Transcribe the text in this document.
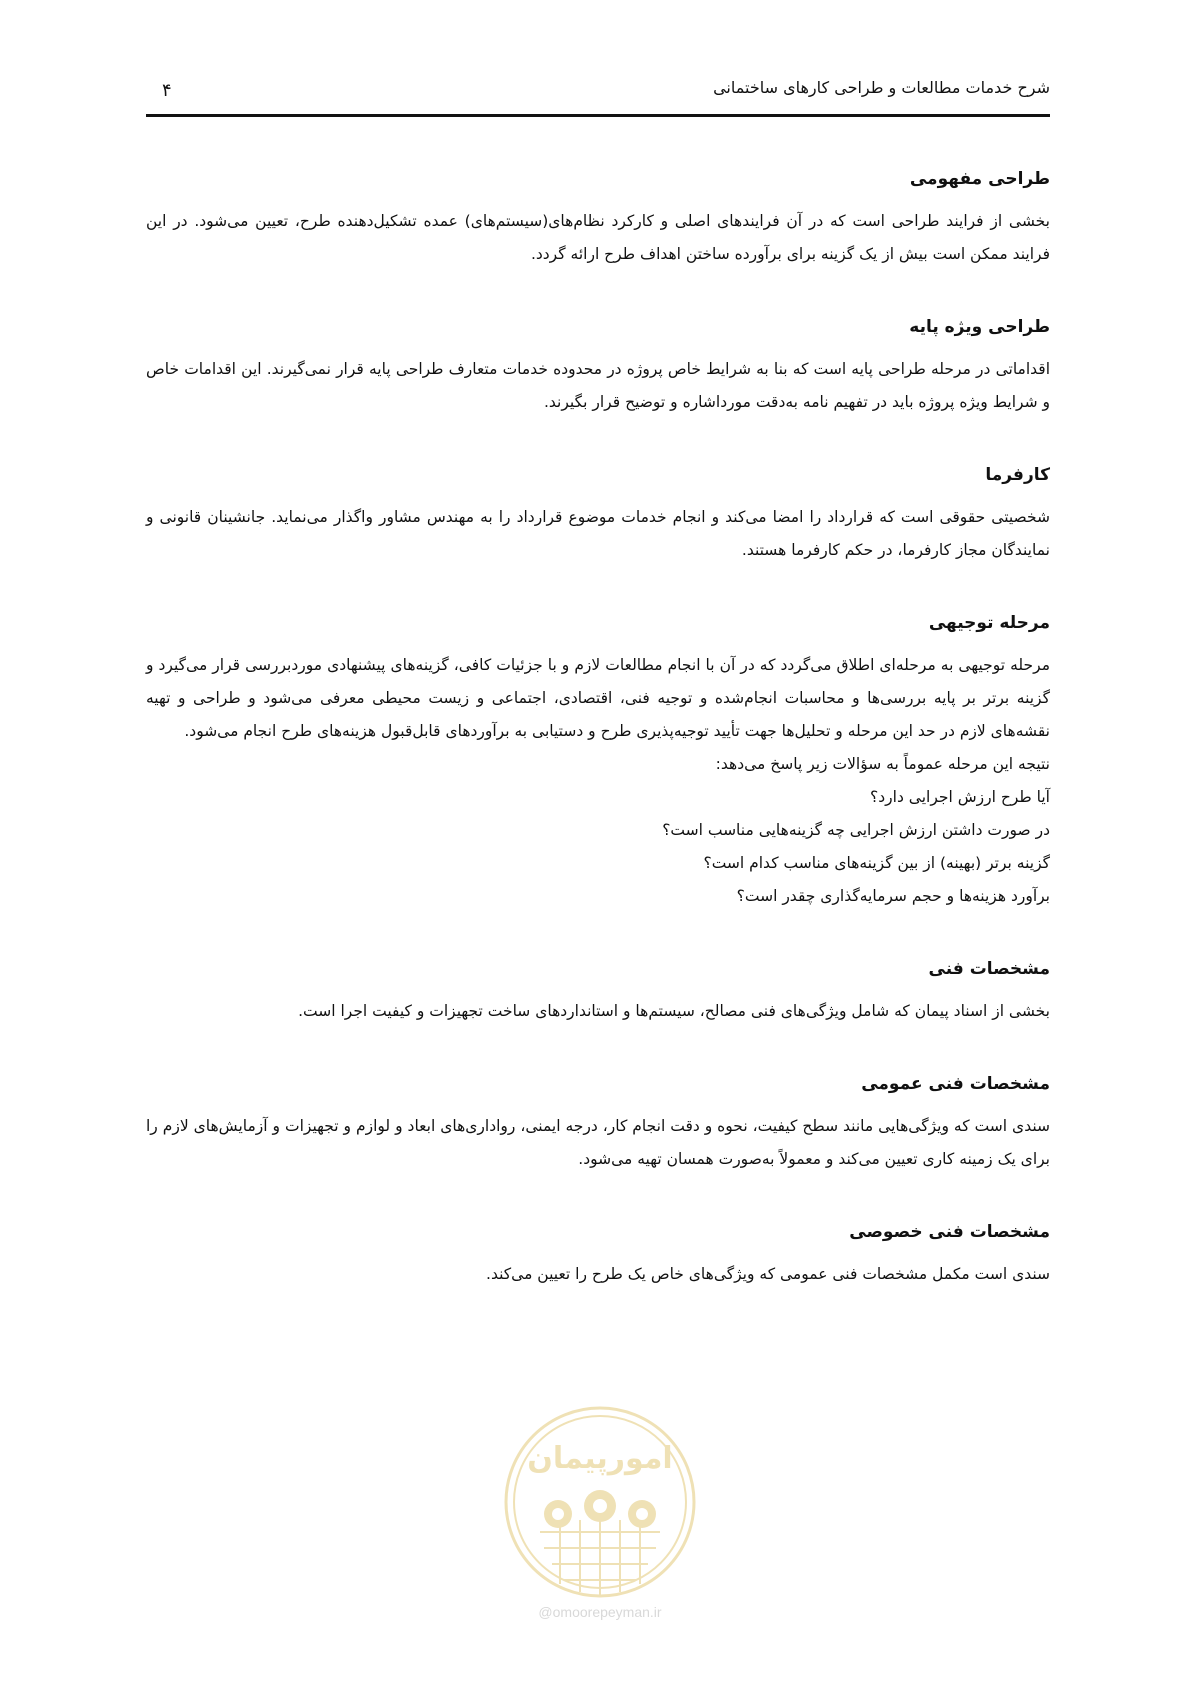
شرح خدمات مطالعات و طراحی کارهای ساختمانی
۴
طراحی مفهومی

بخشی از فرایند طراحی است که در آن فرایندهای اصلی و کارکرد نظام‌های(سیستم‌های) عمده تشکیل‌دهنده طرح، تعیین می‌شود. در این فرایند ممکن است بیش از یک گزینه برای برآورده ساختن اهداف طرح ارائه گردد.

طراحی ویژه پایه

اقداماتی در مرحله طراحی پایه است که بنا به شرایط خاص پروژه در محدوده خدمات متعارف طراحی پایه قرار نمی‌گیرند. این اقدامات خاص و شرایط ویژه پروژه باید در تفهیم نامه به‌دقت مورداشاره و توضیح قرار بگیرند.

کارفرما

شخصیتی حقوقی است که قرارداد را امضا می‌کند و انجام خدمات موضوع قرارداد را به مهندس مشاور واگذار می‌نماید. جانشینان قانونی و نمایندگان مجاز کارفرما، در حکم کارفرما هستند.

مرحله توجیهی

مرحله توجیهی به مرحله‌ای اطلاق می‌گردد که در آن با انجام مطالعات لازم و با جزئیات کافی، گزینه‌های پیشنهادی موردبررسی قرار می‌گیرد و گزینه برتر بر پایه بررسی‌ها و محاسبات انجام‌شده و توجیه فنی، اقتصادی، اجتماعی و زیست محیطی معرفی می‌شود و طراحی و تهیه نقشه‌های لازم در حد این مرحله و تحلیل‌ها جهت تأیید توجیه‌پذیری طرح و دستیابی به برآوردهای قابل‌قبول هزینه‌های طرح انجام می‌شود.

نتیجه این مرحله عموماً به سؤالات زیر پاسخ می‌دهد:
آیا طرح ارزش اجرایی دارد؟
در صورت داشتن ارزش اجرایی چه گزینه‌هایی مناسب است؟
گزینه برتر (بهینه) از بین گزینه‌های مناسب کدام است؟
برآورد هزینه‌ها و حجم سرمایه‌گذاری چقدر است؟
مشخصات فنی

بخشی از اسناد پیمان که شامل ویژگی‌های فنی مصالح، سیستم‌ها و استانداردهای ساخت تجهیزات و کیفیت اجرا است.

مشخصات فنی عمومی

سندی است که ویژگی‌هایی مانند سطح کیفیت، نحوه و دقت انجام کار، درجه ایمنی، رواداری‌های ابعاد و لوازم و تجهیزات و آزمایش‌های لازم را برای یک زمینه کاری تعیین می‌کند و معمولاً به‌صورت همسان تهیه می‌شود.

مشخصات فنی خصوصی

سندی است مکمل مشخصات فنی عمومی که ویژگی‌های خاص یک طرح را تعیین می‌کند.

امورپیمان
@omoorepeyman.ir
